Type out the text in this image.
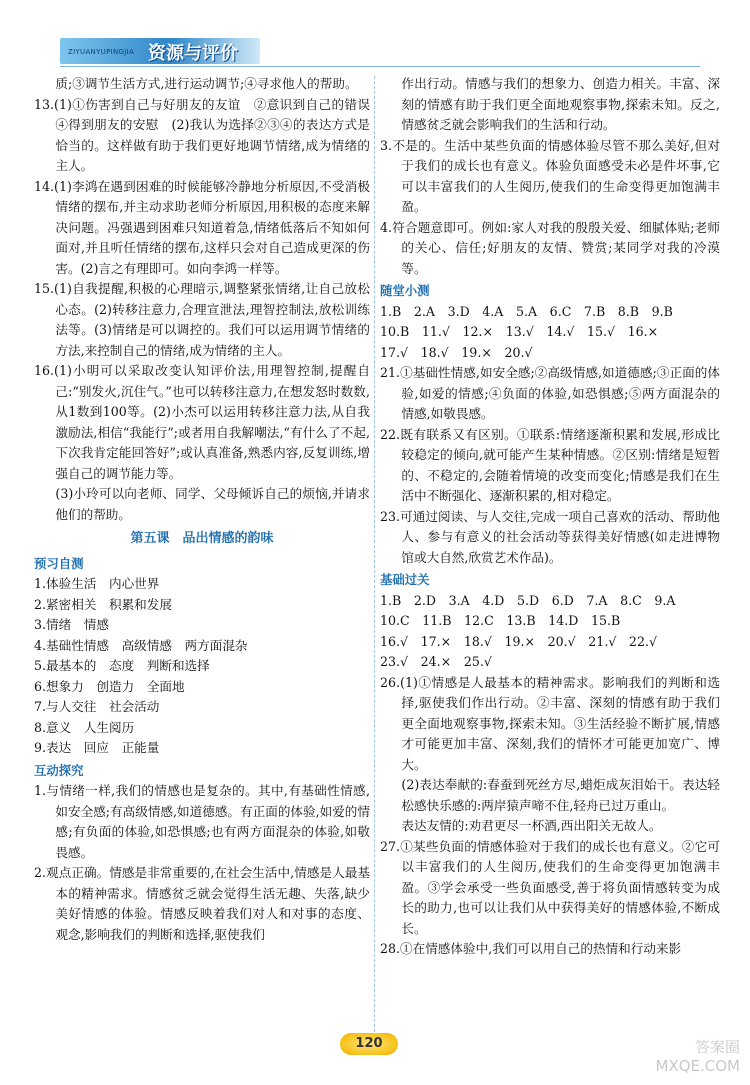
ZIYUANYUPINGJIA 资源与评价
质;③调节生活方式,进行运动调节;④寻求他人的帮助。
13.(1)①伤害到自己与好朋友的友谊　②意识到自己的错误　④得到朋友的安慰　(2)我认为选择②③④的表达方式是恰当的。这样做有助于我们更好地调节情绪,成为情绪的主人。
14.(1)李鸿在遇到困难的时候能够冷静地分析原因,不受消极情绪的摆布,并主动求助老师分析原因,用积极的态度来解决问题。冯强遇到困难只知道着急,情绪低落后不知如何面对,并且听任情绪的摆布,这样只会对自己造成更深的伤害。(2)言之有理即可。如向李鸿一样等。
15.(1)自我提醒,积极的心理暗示,调整紧张情绪,让自己放松心态。(2)转移注意力,合理宣泄法,理智控制法,放松训练法等。(3)情绪是可以调控的。我们可以运用调节情绪的方法,来控制自己的情绪,成为情绪的主人。
16.(1)小明可以采取改变认知评价法,用理智控制,提醒自己:“别发火,沉住气。”也可以转移注意力,在想发怒时数数,从1数到100等。(2)小杰可以运用转移注意力法,从自我激励法,相信“我能行”;或者用自我解嘲法,“有什么了不起,下次我肯定能回答好”;或认真准备,熟悉内容,反复训练,增强自己的调节能力等。
(3)小玲可以向老师、同学、父母倾诉自己的烦恼,并请求他们的帮助。
第五课　品出情感的韵味
预习自测
1.体验生活　内心世界
2.紧密相关　积累和发展
3.情绪　情感
4.基础性情感　高级情感　两方面混杂
5.最基本的　态度　判断和选择
6.想象力　创造力　全面地
7.与人交往　社会活动
8.意义　人生阅历
9.表达　回应　正能量
互动探究
1.与情绪一样,我们的情感也是复杂的。其中,有基础性情感,如安全感;有高级情感,如道德感。有正面的体验,如爱的情感;有负面的体验,如恐惧感;也有两方面混杂的体验,如敬畏感。
2.观点正确。情感是非常重要的,在社会生活中,情感是人最基本的精神需求。情感贫乏就会觉得生活无趣、失落,缺少美好情感的体验。情感反映着我们对人和对事的态度、观念,影响我们的判断和选择,驱使我们
作出行动。情感与我们的想象力、创造力相关。丰富、深刻的情感有助于我们更全面地观察事物,探索未知。反之,情感贫乏就会影响我们的生活和行动。
3.不是的。生活中某些负面的情感体验尽管不那么美好,但对于我们的成长也有意义。体验负面感受未必是件坏事,它可以丰富我们的人生阅历,使我们的生命变得更加饱满丰盈。
4.符合题意即可。例如:家人对我的殷殷关爱、细腻体贴;老师的关心、信任;好朋友的友情、赞赏;某同学对我的冷漠等。
随堂小测
1.B　2.A　3.D　4.A　5.A　6.C　7.B　8.B　9.B
10.B　11.√　12.×　13.√　14.√　15.√　16.×
17.√　18.√　19.×　20.√
21.①基础性情感,如安全感;②高级情感,如道德感;③正面的体验,如爱的情感;④负面的体验,如恐惧感;⑤两方面混杂的情感,如敬畏感。
22.既有联系又有区别。①联系:情绪逐渐积累和发展,形成比较稳定的倾向,就可能产生某种情感。②区别:情绪是短暂的、不稳定的,会随着情境的改变而变化;情感是我们在生活中不断强化、逐渐积累的,相对稳定。
23.可通过阅读、与人交往,完成一项自己喜欢的活动、帮助他人、参与有意义的社会活动等获得美好情感(如走进博物馆或大自然,欣赏艺术作品)。
基础过关
1.B　2.D　3.A　4.D　5.D　6.D　7.A　8.C　9.A
10.C　11.B　12.C　13.B　14.D　15.B
16.√　17.×　18.√　19.×　20.√　21.√　22.√
23.√　24.×　25.√
26.(1)①情感是人最基本的精神需求。影响我们的判断和选择,驱使我们作出行动。②丰富、深刻的情感有助于我们更全面地观察事物,探索未知。③生活经验不断扩展,情感才可能更加丰富、深刻,我们的情怀才可能更加宽广、博大。
(2)表达奉献的:春蚕到死丝方尽,蜡炬成灰泪始干。表达轻松感快乐感的:两岸猿声啼不住,轻舟已过万重山。
表达友情的:劝君更尽一杯酒,西出阳关无故人。
27.①某些负面的情感体验对于我们的成长也有意义。②它可以丰富我们的人生阅历,使我们的生命变得更加饱满丰盈。③学会承受一些负面感受,善于将负面情感转变为成长的助力,也可以让我们从中获得美好的情感体验,不断成长。
28.①在情感体验中,我们可以用自己的热情和行动来影
120	答案圈 MXQE.COM
